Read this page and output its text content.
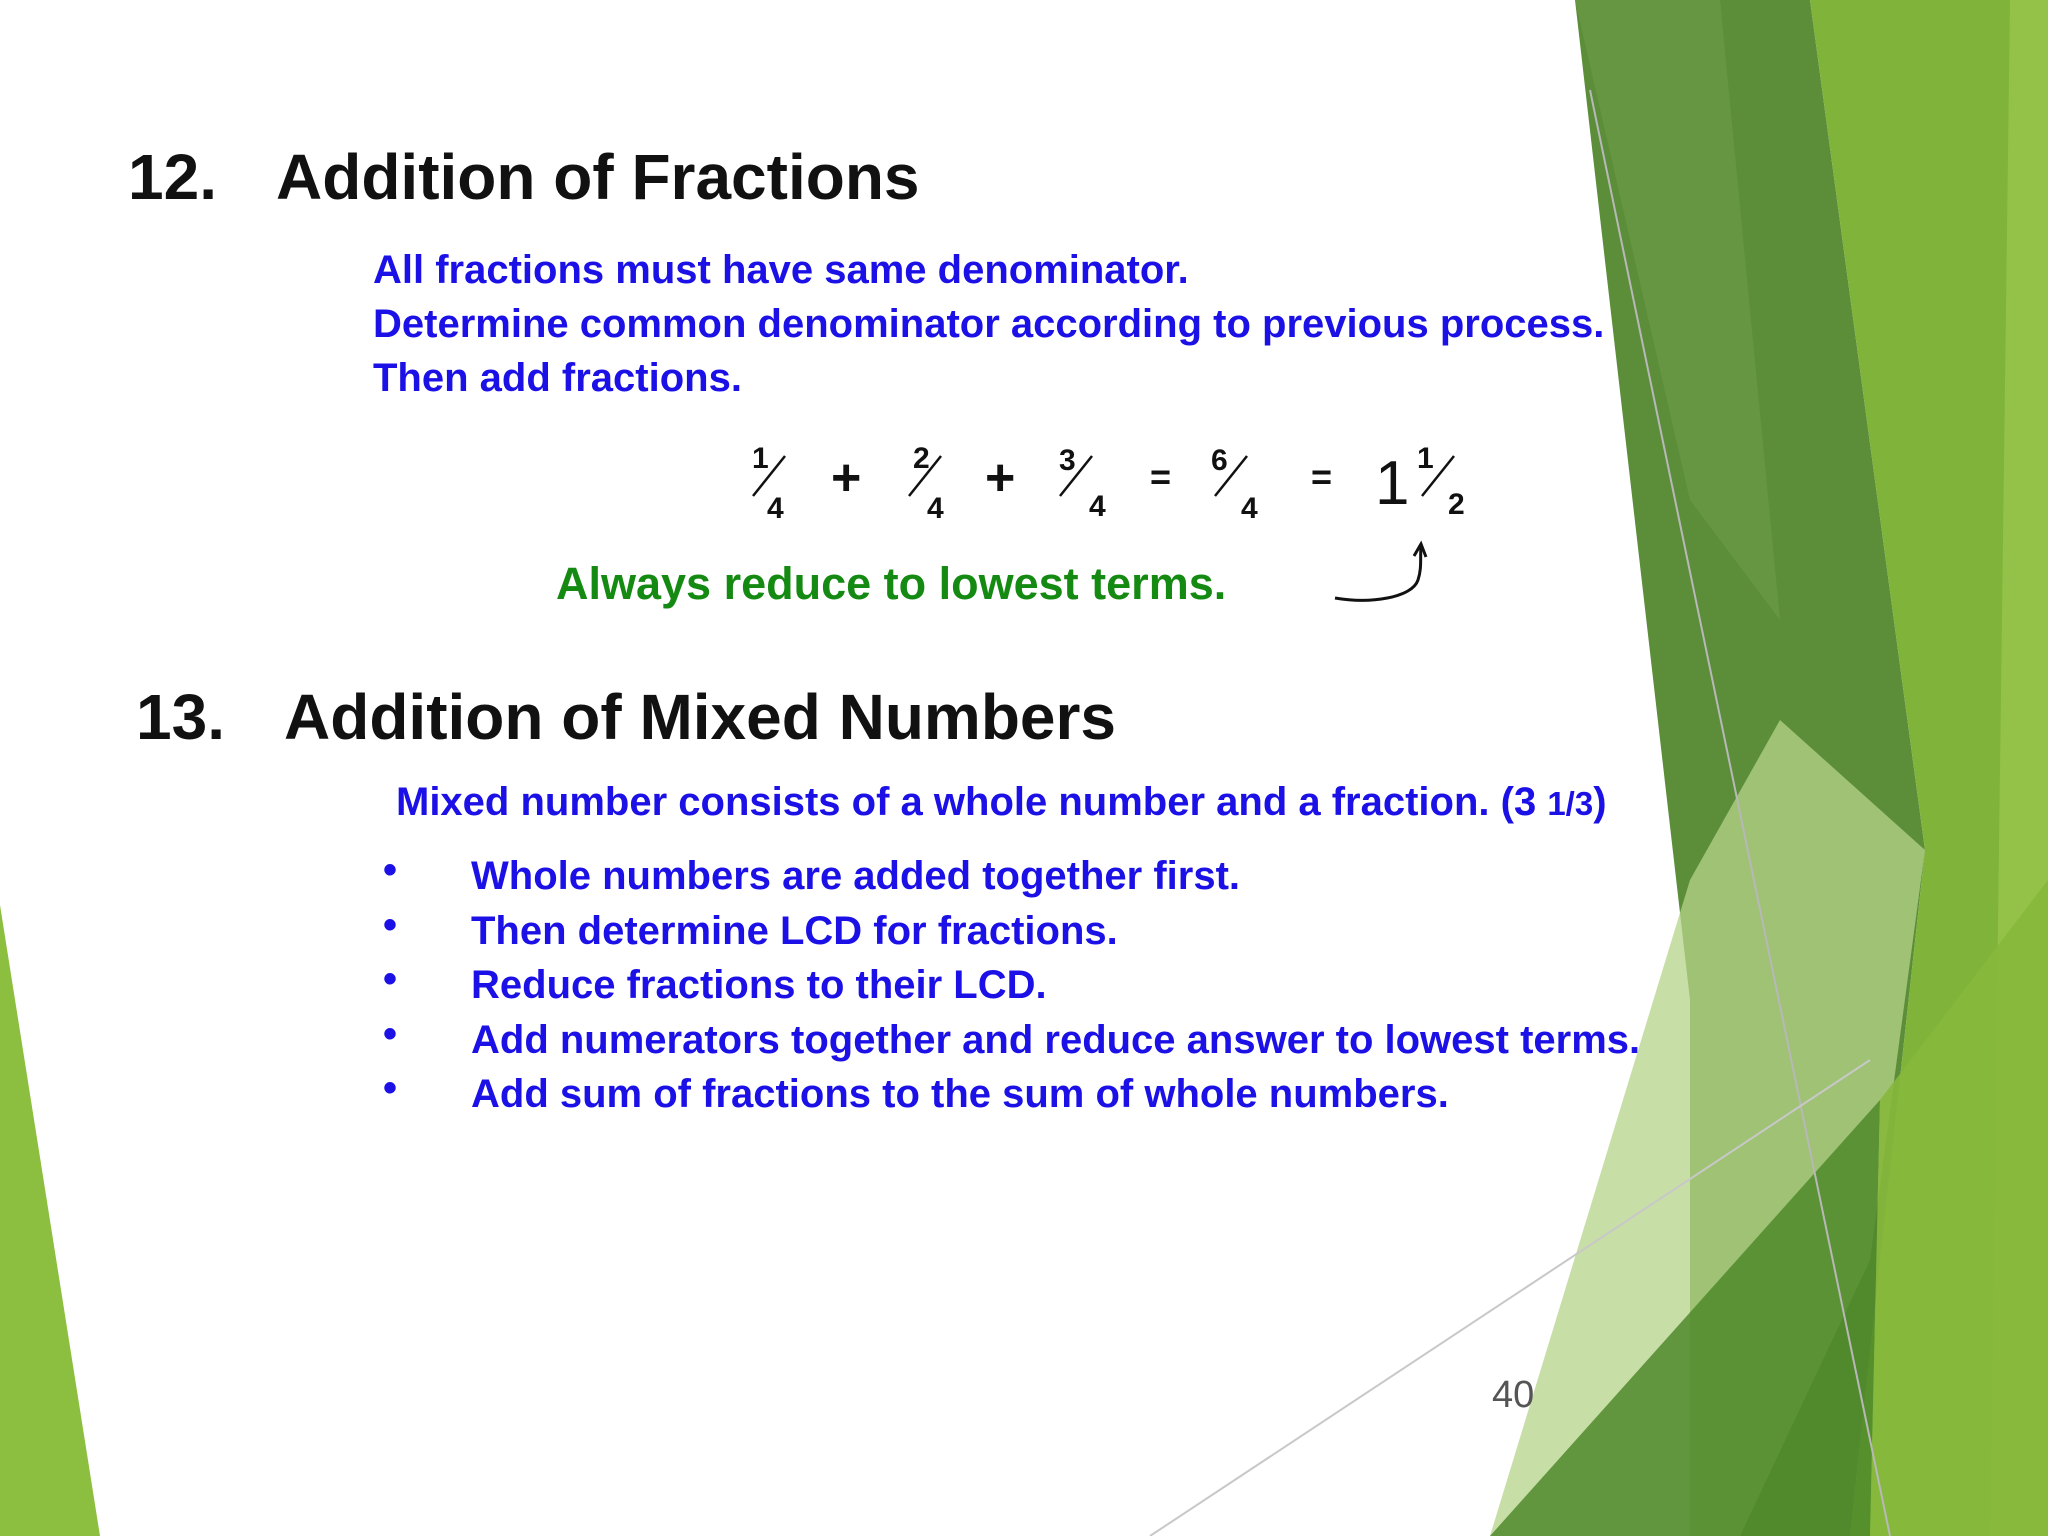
12. Addition of Fractions
All fractions must have same denominator.
Determine common denominator according to previous process.
Then add fractions.
1
4
+ 2
4
+ 3
4
= 6
4
= 1 1
2
Always reduce to lowest terms.
13. Addition of Mixed Numbers
Mixed number consists of a whole number and a fraction. (3 1/3)
• Whole numbers are added together first.
• Then determine LCD for fractions.
• Reduce fractions to their LCD.
• Add numerators together and reduce answer to lowest terms.
• Add sum of fractions to the sum of whole numbers.
40
